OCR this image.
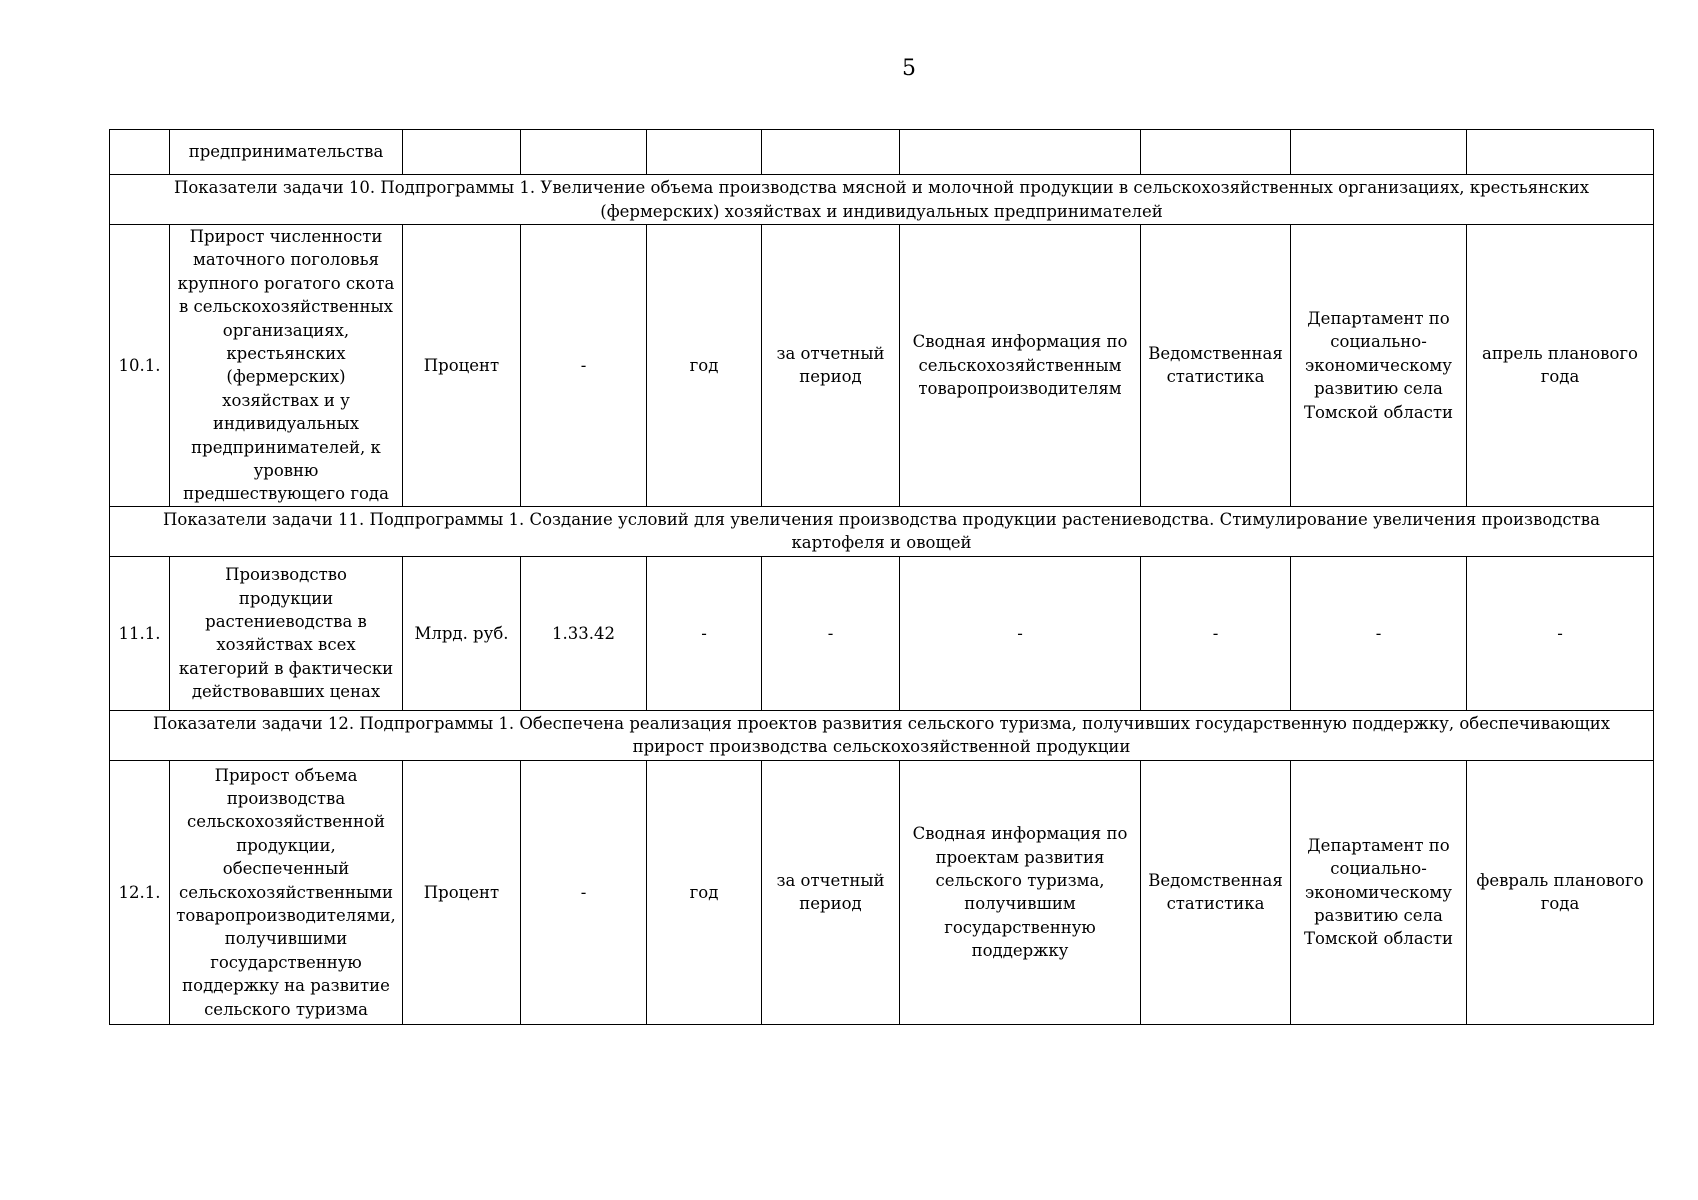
5
	предпринимательства								
Показатели задачи 10. Подпрограммы 1. Увеличение объема производства мясной и молочной продукции в сельскохозяйственных организациях, крестьянских (фермерских) хозяйствах и индивидуальных предпринимателей									
10.1.	Прирост численности маточного поголовья крупного рогатого скота в сельскохозяйственных организациях, крестьянских (фермерских) хозяйствах и у индивидуальных предпринимателей, к уровню предшествующего года	Процент	-	год	за отчетный период	Сводная информация по сельскохозяйственным товаропроизводителям	Ведомственная статистика	Департамент по социально-экономическому развитию села Томской области	апрель планового года
Показатели задачи 11. Подпрограммы 1. Создание условий для увеличения производства продукции растениеводства. Стимулирование увеличения производства картофеля и овощей									
11.1.	Производство продукции растениеводства в хозяйствах всех категорий в фактически действовавших ценах	Млрд. руб.	1.33.42	-	-	-	-	-	-
Показатели задачи 12. Подпрограммы 1. Обеспечена реализация проектов развития сельского туризма, получивших государственную поддержку, обеспечивающих прирост производства сельскохозяйственной продукции									
12.1.	Прирост объема производства сельскохозяйственной продукции, обеспеченный сельскохозяйственными товаропроизводителями, получившими государственную поддержку на развитие сельского туризма	Процент	-	год	за отчетный период	Сводная информация по проектам развития сельского туризма, получившим государственную поддержку	Ведомственная статистика	Департамент по социально-экономическому развитию села Томской области	февраль планового года
